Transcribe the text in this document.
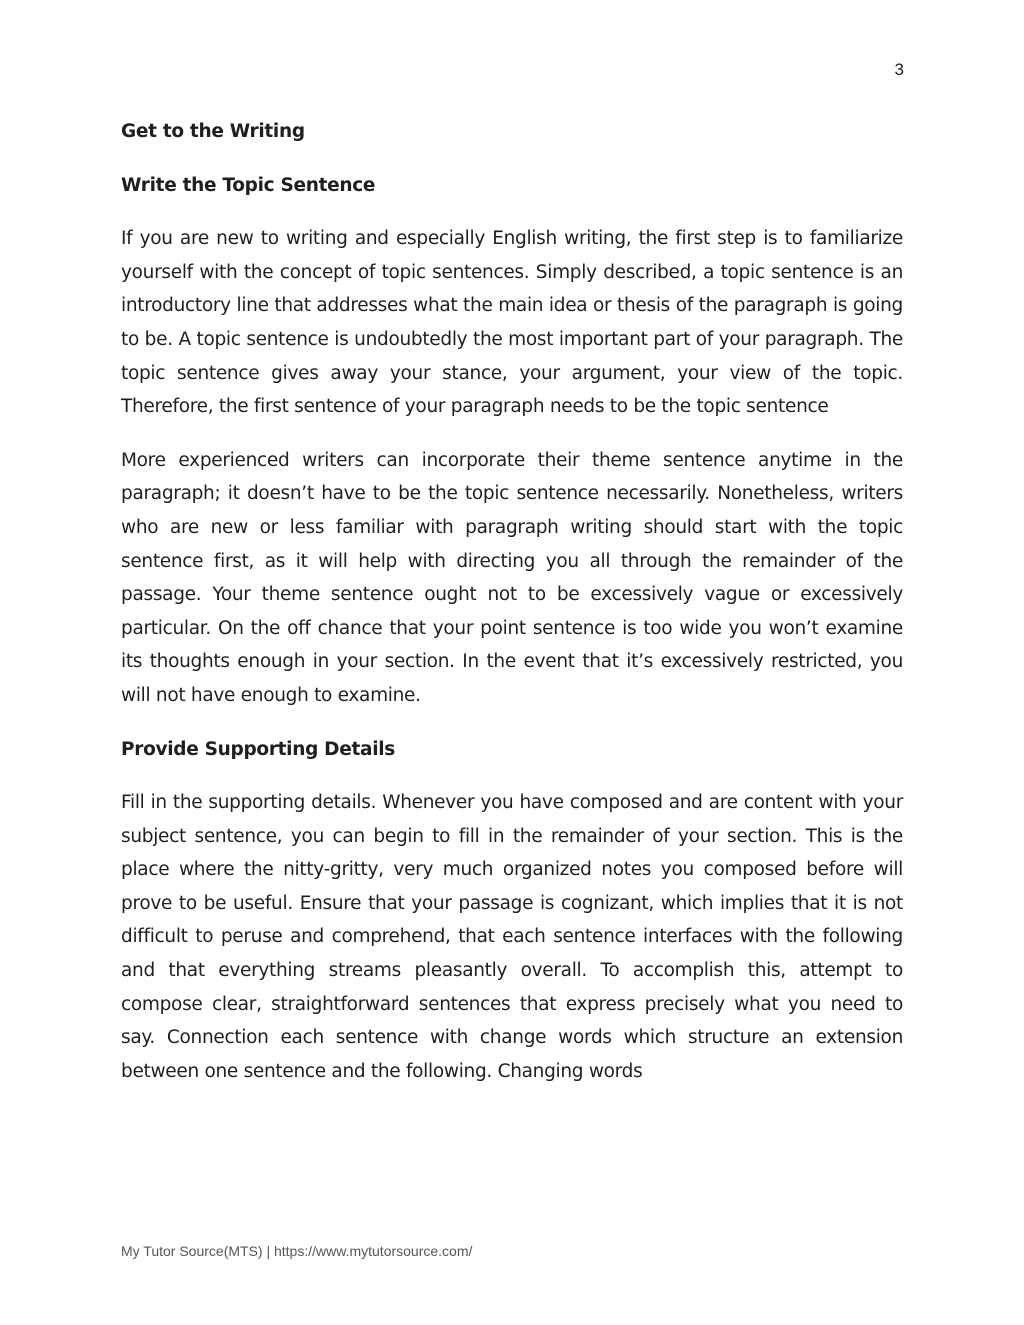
3
Get to the Writing
Write the Topic Sentence
If you are new to writing and especially English writing, the first step is to familiarize yourself with the concept of topic sentences. Simply described, a topic sentence is an introductory line that addresses what the main idea or thesis of the paragraph is going to be. A topic sentence is undoubtedly the most important part of your paragraph. The topic sentence gives away your stance, your argument, your view of the topic. Therefore, the first sentence of your paragraph needs to be the topic sentence
More experienced writers can incorporate their theme sentence anytime in the paragraph; it doesn’t have to be the topic sentence necessarily. Nonetheless, writers who are new or less familiar with paragraph writing should start with the topic sentence first, as it will help with directing you all through the remainder of the passage. Your theme sentence ought not to be excessively vague or excessively particular. On the off chance that your point sentence is too wide you won’t examine its thoughts enough in your section. In the event that it’s excessively restricted, you will not have enough to examine.
Provide Supporting Details
Fill in the supporting details. Whenever you have composed and are content with your subject sentence, you can begin to fill in the remainder of your section. This is the place where the nitty-gritty, very much organized notes you composed before will prove to be useful. Ensure that your passage is cognizant, which implies that it is not difficult to peruse and comprehend, that each sentence interfaces with the following and that everything streams pleasantly overall. To accomplish this, attempt to compose clear, straightforward sentences that express precisely what you need to say. Connection each sentence with change words which structure an extension between one sentence and the following. Changing words
My Tutor Source(MTS) | https://www.mytutorsource.com/
